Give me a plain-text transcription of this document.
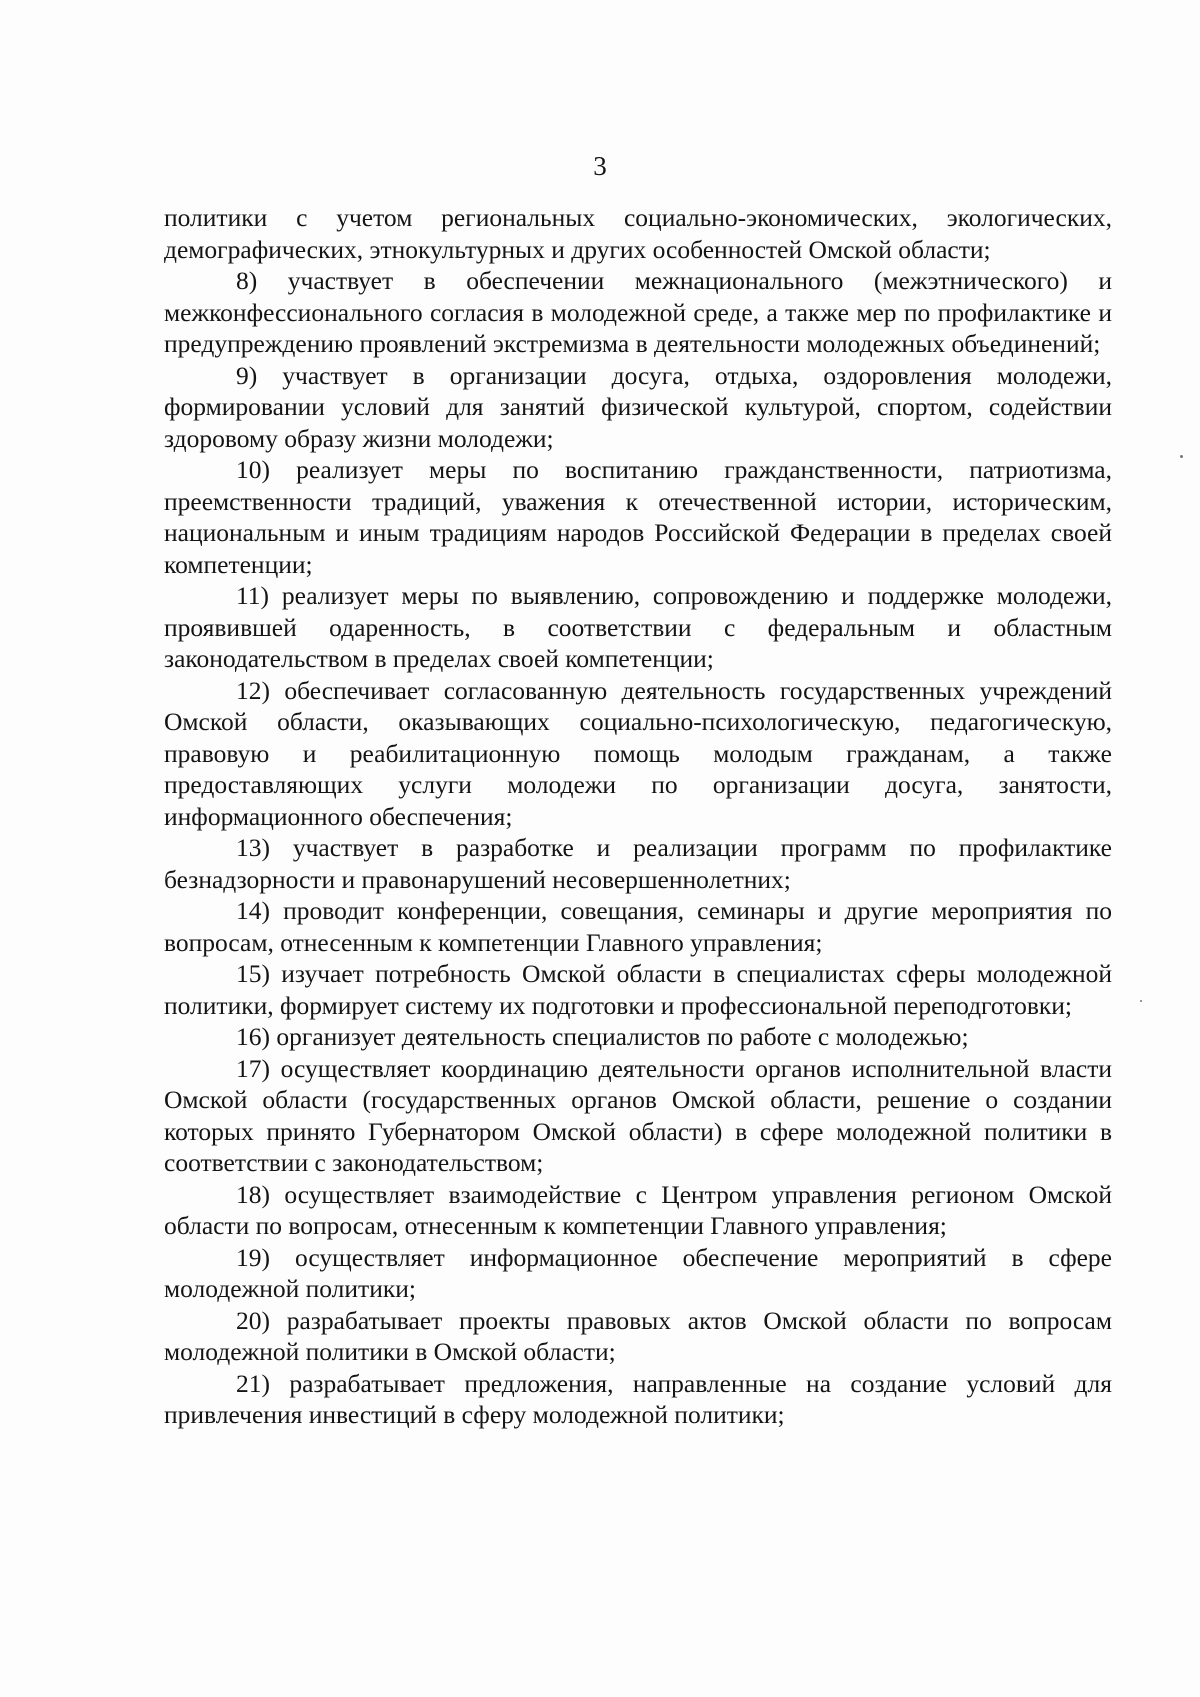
3

политики с учетом региональных социально-экономических, экологических, демографических, этнокультурных и других особенностей Омской области;

8) участвует в обеспечении межнационального (межэтнического) и межконфессионального согласия в молодежной среде, а также мер по профилактике и предупреждению проявлений экстремизма в деятельности молодежных объединений;

9) участвует в организации досуга, отдыха, оздоровления молодежи, формировании условий для занятий физической культурой, спортом, содействии здоровому образу жизни молодежи;

10) реализует меры по воспитанию гражданственности, патриотизма, преемственности традиций, уважения к отечественной истории, историческим, национальным и иным традициям народов Российской Федерации в пределах своей компетенции;

11) реализует меры по выявлению, сопровождению и поддержке молодежи, проявившей одаренность, в соответствии с федеральным и областным законодательством в пределах своей компетенции;

12) обеспечивает согласованную деятельность государственных учреждений Омской области, оказывающих социально-психологическую, педагогическую, правовую и реабилитационную помощь молодым гражданам, а также предоставляющих услуги молодежи по организации досуга, занятости, информационного обеспечения;

13) участвует в разработке и реализации программ по профилактике безнадзорности и правонарушений несовершеннолетних;

14) проводит конференции, совещания, семинары и другие мероприятия по вопросам, отнесенным к компетенции Главного управления;

15) изучает потребность Омской области в специалистах сферы молодежной политики, формирует систему их подготовки и профессиональной переподготовки;

16) организует деятельность специалистов по работе с молодежью;

17) осуществляет координацию деятельности органов исполнительной власти Омской области (государственных органов Омской области, решение о создании которых принято Губернатором Омской области) в сфере молодежной политики в соответствии с законодательством;

18) осуществляет взаимодействие с Центром управления регионом Омской области по вопросам, отнесенным к компетенции Главного управления;

19) осуществляет информационное обеспечение мероприятий в сфере молодежной политики;

20) разрабатывает проекты правовых актов Омской области по вопросам молодежной политики в Омской области;

21) разрабатывает предложения, направленные на создание условий для привлечения инвестиций в сферу молодежной политики;
